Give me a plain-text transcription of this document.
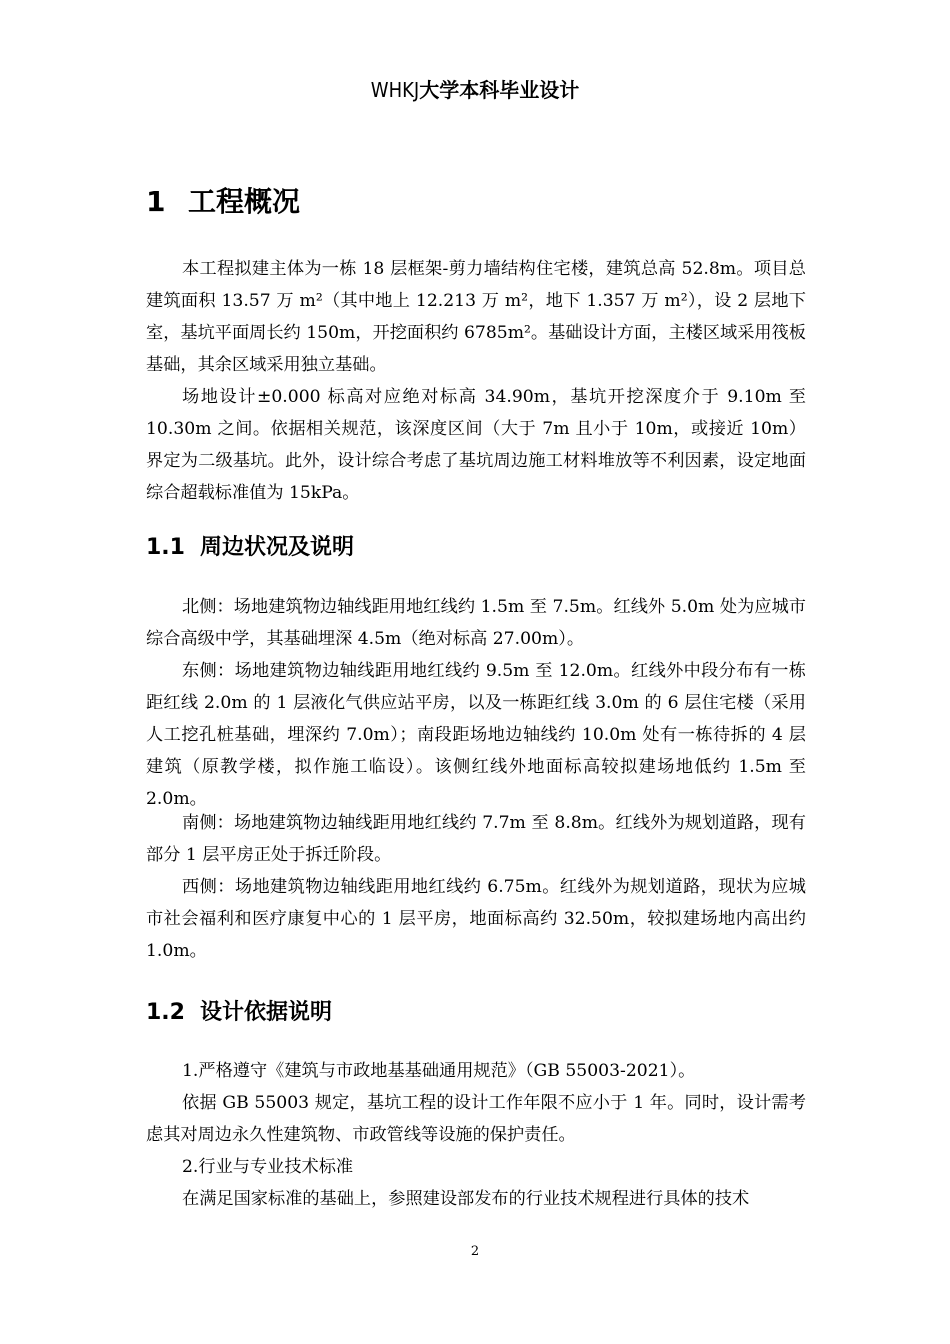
WHKJ大学本科毕业设计
1 工程概况

本工程拟建主体为一栋 18 层框架-剪力墙结构住宅楼，建筑总高 52.8m。项目总建筑面积 13.57 万 m²（其中地上 12.213 万 m²，地下 1.357 万 m²），设 2 层地下室，基坑平面周长约 150m，开挖面积约 6785m²。基础设计方面，主楼区域采用筏板基础，其余区域采用独立基础。

场地设计±0.000 标高对应绝对标高 34.90m，基坑开挖深度介于 9.10m 至 10.30m 之间。依据相关规范，该深度区间（大于 7m 且小于 10m，或接近 10m）界定为二级基坑。此外，设计综合考虑了基坑周边施工材料堆放等不利因素，设定地面综合超载标准值为 15kPa。

1.1 周边状况及说明

北侧：场地建筑物边轴线距用地红线约 1.5m 至 7.5m。红线外 5.0m 处为应城市综合高级中学，其基础埋深 4.5m（绝对标高 27.00m）。

东侧：场地建筑物边轴线距用地红线约 9.5m 至 12.0m。红线外中段分布有一栋距红线 2.0m 的 1 层液化气供应站平房，以及一栋距红线 3.0m 的 6 层住宅楼（采用人工挖孔桩基础，埋深约 7.0m）；南段距场地边轴线约 10.0m 处有一栋待拆的 4 层建筑（原教学楼，拟作施工临设）。该侧红线外地面标高较拟建场地低约 1.5m 至 2.0m。

南侧：场地建筑物边轴线距用地红线约 7.7m 至 8.8m。红线外为规划道路，现有部分 1 层平房正处于拆迁阶段。

西侧：场地建筑物边轴线距用地红线约 6.75m。红线外为规划道路，现状为应城市社会福利和医疗康复中心的 1 层平房，地面标高约 32.50m，较拟建场地内高出约 1.0m。

1.2 设计依据说明

1.严格遵守《建筑与市政地基基础通用规范》（GB 55003-2021）。

依据 GB 55003 规定，基坑工程的设计工作年限不应小于 1 年。同时，设计需考虑其对周边永久性建筑物、市政管线等设施的保护责任。

2.行业与专业技术标准

在满足国家标准的基础上，参照建设部发布的行业技术规程进行具体的技术

2
